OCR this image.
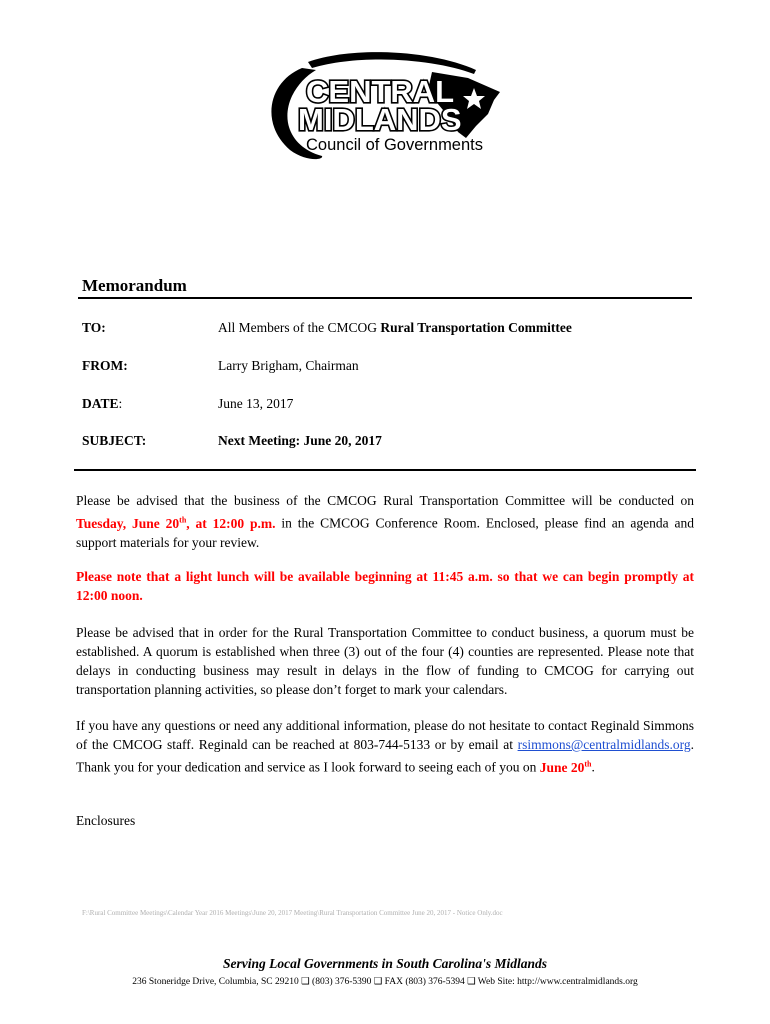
CENTRAL
MIDLANDS
Council of Governments
Memorandum
TO:	All Members of the CMCOG Rural Transportation Committee
FROM:	Larry Brigham, Chairman
DATE:	June 13, 2017
SUBJECT:	Next Meeting: June 20, 2017
Please be advised that the business of the CMCOG Rural Transportation Committee will be conducted on Tuesday, June 20th, at 12:00 p.m. in the CMCOG Conference Room. Enclosed, please find an agenda and support materials for your review.
Please note that a light lunch will be available beginning at 11:45 a.m. so that we can begin promptly at 12:00 noon.
Please be advised that in order for the Rural Transportation Committee to conduct business, a quorum must be established. A quorum is established when three (3) out of the four (4) counties are represented. Please note that delays in conducting business may result in delays in the flow of funding to CMCOG for carrying out transportation planning activities, so please don’t forget to mark your calendars.
If you have any questions or need any additional information, please do not hesitate to contact Reginald Simmons of the CMCOG staff. Reginald can be reached at 803-744-5133 or by email at rsimmons@centralmidlands.org. Thank you for your dedication and service as I look forward to seeing each of you on June 20th.
Enclosures
F:\Rural Committee Meetings\Calendar Year 2016 Meetings\June 20, 2017 Meeting\Rural Transportation Committee June 20, 2017 - Notice Only.doc
Serving Local Governments in South Carolina's Midlands
236 Stoneridge Drive, Columbia, SC 29210 ❑ (803) 376-5390 ❑ FAX (803) 376-5394 ❑ Web Site: http://www.centralmidlands.org
